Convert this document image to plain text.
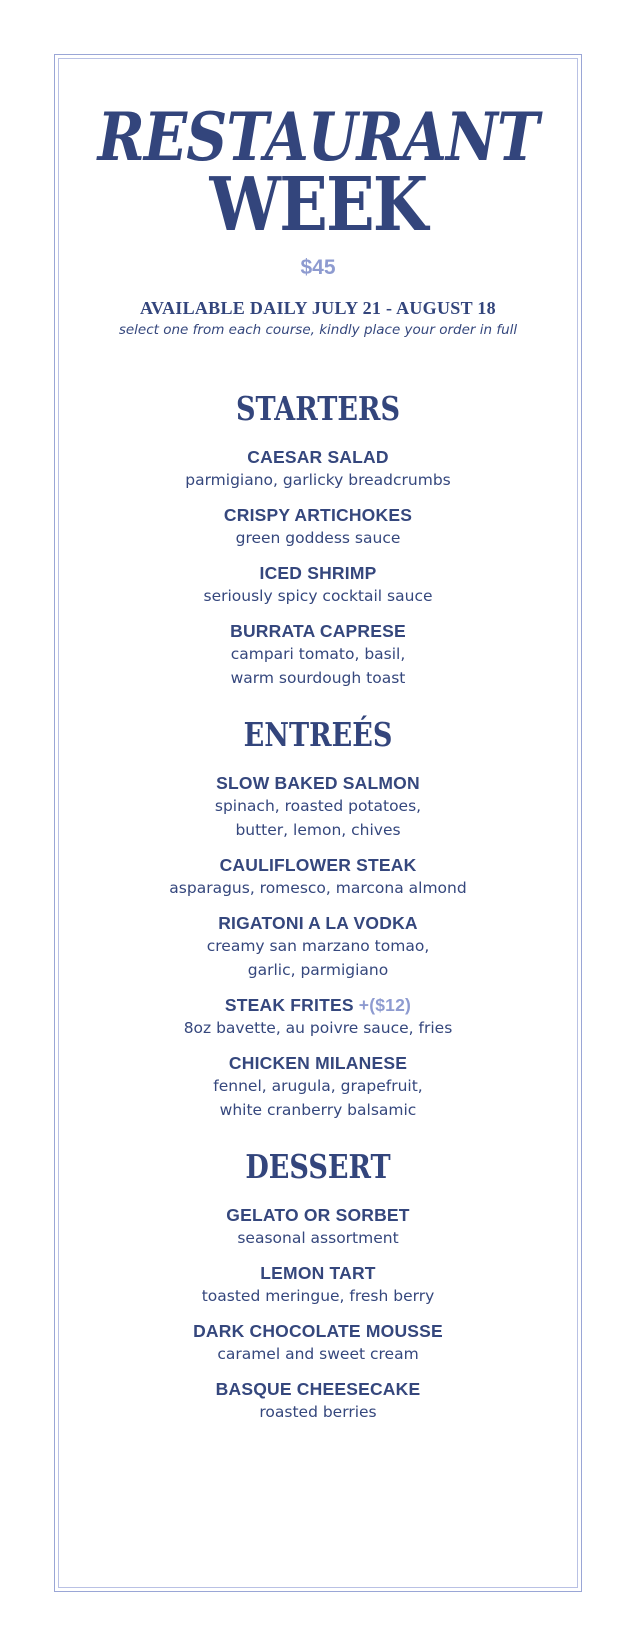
RESTAURANT
WEEK
$45
AVAILABLE DAILY JULY 21 - AUGUST 18
select one from each course, kindly place your order in full
STARTERS
CAESAR SALAD
parmigiano, garlicky breadcrumbs
CRISPY ARTICHOKES
green goddess sauce
ICED SHRIMP
seriously spicy cocktail sauce
BURRATA CAPRESE
campari tomato, basil,
warm sourdough toast
ENTREÉS
SLOW BAKED SALMON
spinach, roasted potatoes,
butter, lemon, chives
CAULIFLOWER STEAK
asparagus, romesco, marcona almond
RIGATONI A LA VODKA
creamy san marzano tomao,
garlic, parmigiano
STEAK FRITES +($12)
8oz bavette, au poivre sauce, fries
CHICKEN MILANESE
fennel, arugula, grapefruit,
white cranberry balsamic
DESSERT
GELATO OR SORBET
seasonal assortment
LEMON TART
toasted meringue, fresh berry
DARK CHOCOLATE MOUSSE
caramel and sweet cream
BASQUE CHEESECAKE
roasted berries
